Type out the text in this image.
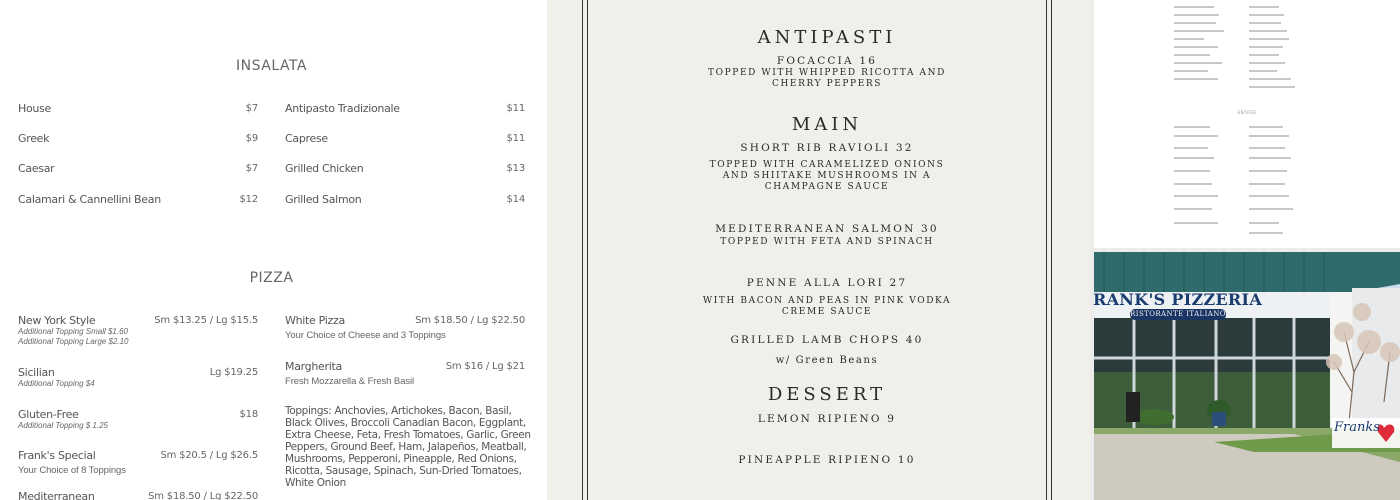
INSALATA
House	$7
Greek	$9
Caesar	$7
Calamari & Cannellini Bean	$12
Antipasto Tradizionale	$11
Caprese	$11
Grilled Chicken	$13
Grilled Salmon	$14
PIZZA
New York Style	Sm $13.25 / Lg $15.5
Additional Topping Small $1.60
Additional Topping Large $2.10
Sicilian	Lg $19.25
Additional Topping $4
Gluten-Free	$18
Additional Topping $ 1.25
Frank's Special	Sm $20.5 / Lg $26.5
Your Choice of 8 Toppings
Mediterranean	Sm $18.50 / Lg $22.50
White Pizza	Sm $18.50 / Lg $22.50
Your Choice of Cheese and 3 Toppings
Margherita	Sm $16 / Lg $21
Fresh Mozzarella & Fresh Basil
Toppings: Anchovies, Artichokes, Bacon, Basil, Black Olives, Broccoli Canadian Bacon, Eggplant, Extra Cheese, Feta, Fresh Tomatoes, Garlic, Green Peppers, Ground Beef, Ham, Jalapeños, Meatball, Mushrooms, Pepperoni, Pineapple, Red Onions, Ricotta, Sausage, Spinach, Sun-Dried Tomatoes, White Onion
ANTIPASTI
FOCACCIA 16
TOPPED WITH WHIPPED RICOTTA AND
CHERRY PEPPERS
MAIN
SHORT RIB RAVIOLI 32
TOPPED WITH CARAMELIZED ONIONS
AND SHIITAKE MUSHROOMS IN A
CHAMPAGNE SAUCE
MEDITERRANEAN SALMON 30
TOPPED WITH FETA AND SPINACH
PENNE ALLA LORI 27
WITH BACON AND PEAS IN PINK VODKA
CREME SAUCE
GRILLED LAMB CHOPS 40
w/ Green Beans
DESSERT
LEMON RIPIENO 9
PINEAPPLE RIPIENO 10
ENTRÉE
RANK'S PIZZERIA
RISTORANTE ITALIANO
Franks
